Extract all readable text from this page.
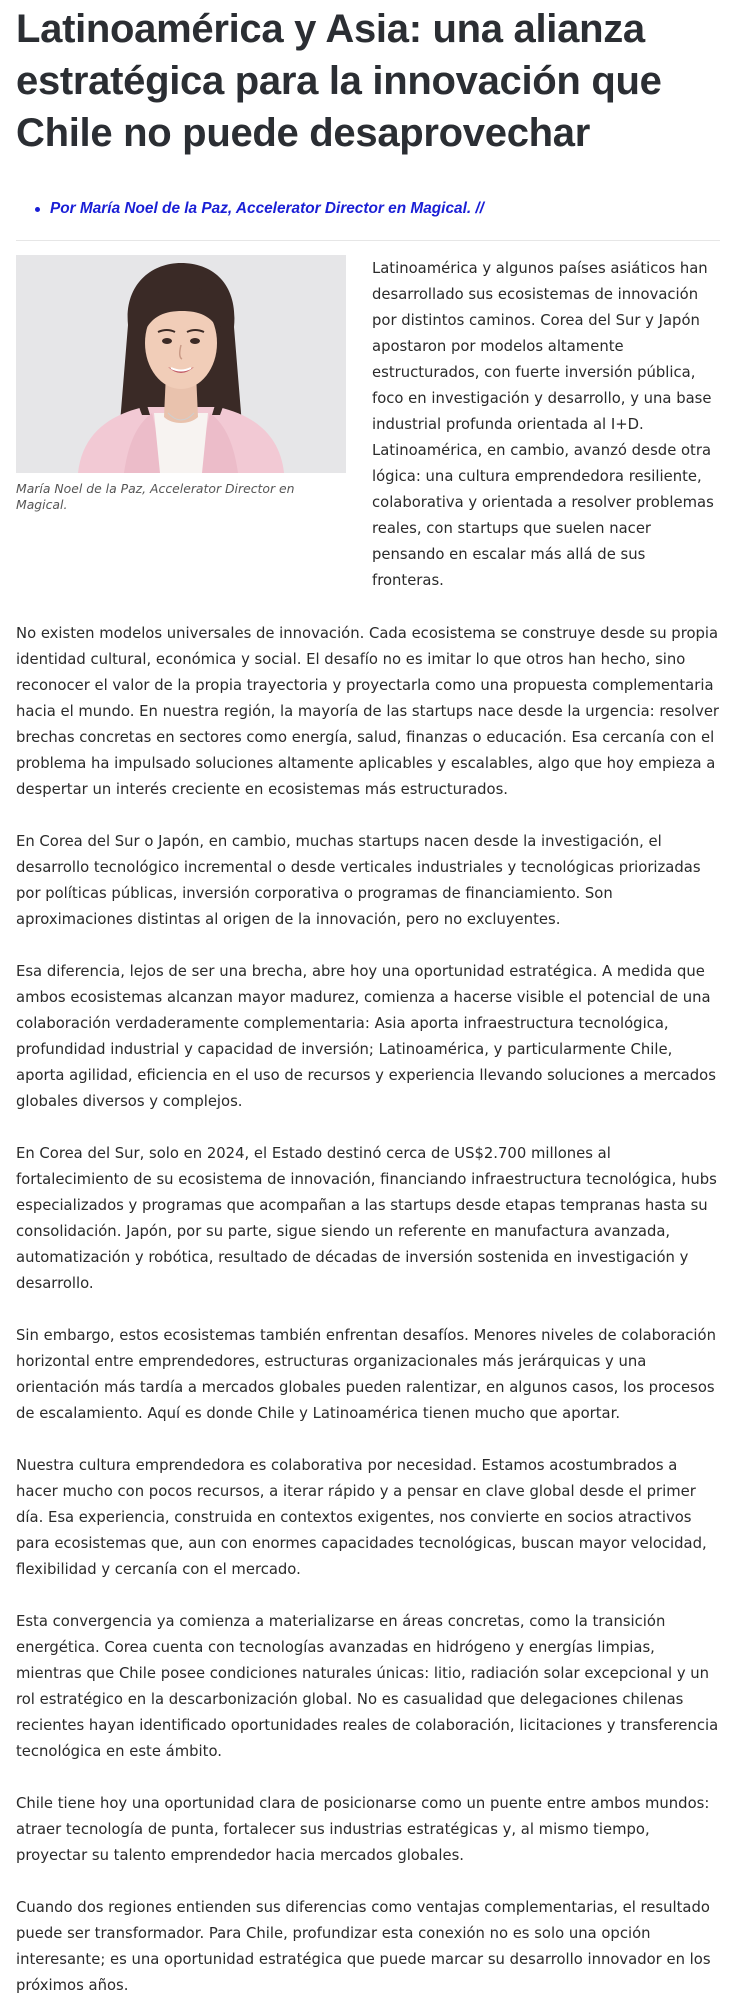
Latinoamérica y Asia: una alianza estratégica para la innovación que Chile no puede desaprovechar
Por María Noel de la Paz, Accelerator Director en Magical. //
María Noel de la Paz, Accelerator Director en Magical.

Latinoamérica y algunos países asiáticos han desarrollado sus ecosistemas de innovación por distintos caminos. Corea del Sur y Japón apostaron por modelos altamente estructurados, con fuerte inversión pública, foco en investigación y desarrollo, y una base industrial profunda orientada al I+D. Latinoamérica, en cambio, avanzó desde otra lógica: una cultura emprendedora resiliente, colaborativa y orientada a resolver problemas reales, con startups que suelen nacer pensando en escalar más allá de sus fronteras.

No existen modelos universales de innovación. Cada ecosistema se construye desde su propia identidad cultural, económica y social. El desafío no es imitar lo que otros han hecho, sino reconocer el valor de la propia trayectoria y proyectarla como una propuesta complementaria hacia el mundo. En nuestra región, la mayoría de las startups nace desde la urgencia: resolver brechas concretas en sectores como energía, salud, finanzas o educación. Esa cercanía con el problema ha impulsado soluciones altamente aplicables y escalables, algo que hoy empieza a despertar un interés creciente en ecosistemas más estructurados.

En Corea del Sur o Japón, en cambio, muchas startups nacen desde la investigación, el desarrollo tecnológico incremental o desde verticales industriales y tecnológicas priorizadas por políticas públicas, inversión corporativa o programas de financiamiento. Son aproximaciones distintas al origen de la innovación, pero no excluyentes.

Esa diferencia, lejos de ser una brecha, abre hoy una oportunidad estratégica. A medida que ambos ecosistemas alcanzan mayor madurez, comienza a hacerse visible el potencial de una colaboración verdaderamente complementaria: Asia aporta infraestructura tecnológica, profundidad industrial y capacidad de inversión; Latinoamérica, y particularmente Chile, aporta agilidad, eficiencia en el uso de recursos y experiencia llevando soluciones a mercados globales diversos y complejos.

En Corea del Sur, solo en 2024, el Estado destinó cerca de US$2.700 millones al fortalecimiento de su ecosistema de innovación, financiando infraestructura tecnológica, hubs especializados y programas que acompañan a las startups desde etapas tempranas hasta su consolidación. Japón, por su parte, sigue siendo un referente en manufactura avanzada, automatización y robótica, resultado de décadas de inversión sostenida en investigación y desarrollo.

Sin embargo, estos ecosistemas también enfrentan desafíos. Menores niveles de colaboración horizontal entre emprendedores, estructuras organizacionales más jerárquicas y una orientación más tardía a mercados globales pueden ralentizar, en algunos casos, los procesos de escalamiento. Aquí es donde Chile y Latinoamérica tienen mucho que aportar.

Nuestra cultura emprendedora es colaborativa por necesidad. Estamos acostumbrados a hacer mucho con pocos recursos, a iterar rápido y a pensar en clave global desde el primer día. Esa experiencia, construida en contextos exigentes, nos convierte en socios atractivos para ecosistemas que, aun con enormes capacidades tecnológicas, buscan mayor velocidad, flexibilidad y cercanía con el mercado.

Esta convergencia ya comienza a materializarse en áreas concretas, como la transición energética. Corea cuenta con tecnologías avanzadas en hidrógeno y energías limpias, mientras que Chile posee condiciones naturales únicas: litio, radiación solar excepcional y un rol estratégico en la descarbonización global. No es casualidad que delegaciones chilenas recientes hayan identificado oportunidades reales de colaboración, licitaciones y transferencia tecnológica en este ámbito.

Chile tiene hoy una oportunidad clara de posicionarse como un puente entre ambos mundos: atraer tecnología de punta, fortalecer sus industrias estratégicas y, al mismo tiempo, proyectar su talento emprendedor hacia mercados globales.

Cuando dos regiones entienden sus diferencias como ventajas complementarias, el resultado puede ser transformador. Para Chile, profundizar esta conexión no es solo una opción interesante; es una oportunidad estratégica que puede marcar su desarrollo innovador en los próximos años.
